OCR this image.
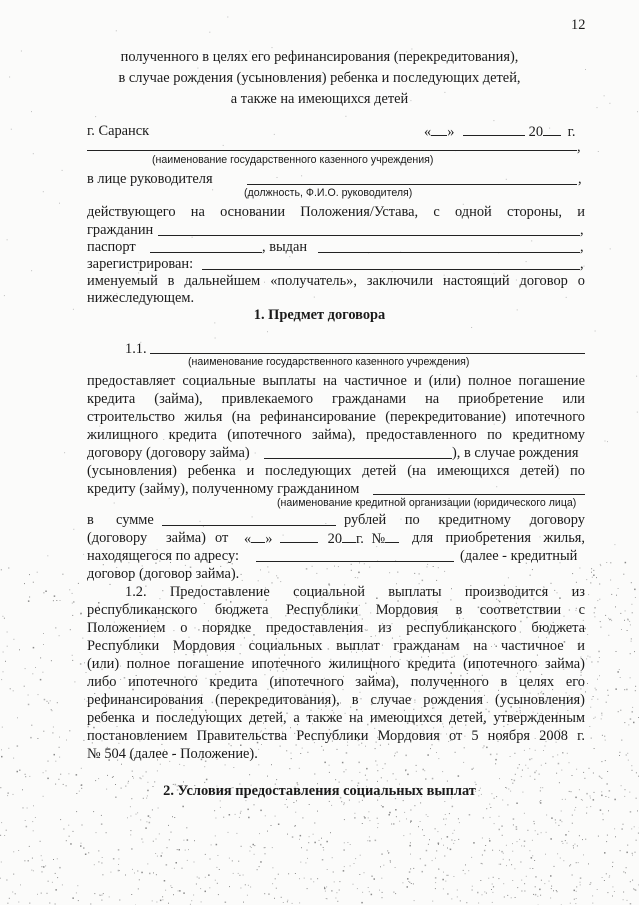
12
полученного в целях его рефинансирования (перекредитования),
в случае рождения (усыновления) ребенка и последующих детей,
а также на имеющихся детей
г. Саранск	« »	20 г.
,
(наименование государственного казенного учреждения)
в лице руководителя	,
(должность, Ф.И.О. руководителя)
действующего на основании Положения/Устава, с одной стороны, и
гражданин	,
паспорт	, выдан	,
зарегистрирован:	,
именуемый в дальнейшем «получатель», заключили настоящий договор о
нижеследующем.
1. Предмет договора
1.1.
(наименование государственного казенного учреждения)
предоставляет социальные выплаты на частичное и (или) полное погашение
кредита (займа), привлекаемого гражданами на приобретение или
строительство жилья (на рефинансирование (перекредитование) ипотечного
жилищного кредита (ипотечного займа), предоставленного по кредитному
договору (договору займа)	), в случае рождения
(усыновления) ребенка и последующих детей (на имеющихся детей) по
кредиту (займу), полученному гражданином
(наименование кредитной организации (юридического лица)
в сумме	рублей по кредитному договору
(договору займа) от « »	20 г. №	для приобретения жилья,
находящегося по адресу:	(далее - кредитный
договор (договор займа).
1.2. Предоставление социальной выплаты производится из
республиканского бюджета Республики Мордовия в соответствии с
Положением о порядке предоставления из республиканского бюджета
Республики Мордовия социальных выплат гражданам на частичное и
(или) полное погашение ипотечного жилищного кредита (ипотечного займа)
либо ипотечного кредита (ипотечного займа), полученного в целях его
рефинансирования (перекредитования), в случае рождения (усыновления)
ребенка и последующих детей, а также на имеющихся детей, утвержденным
постановлением Правительства Республики Мордовия от 5 ноября 2008 г.
№ 504 (далее - Положение).
2. Условия предоставления социальных выплат
